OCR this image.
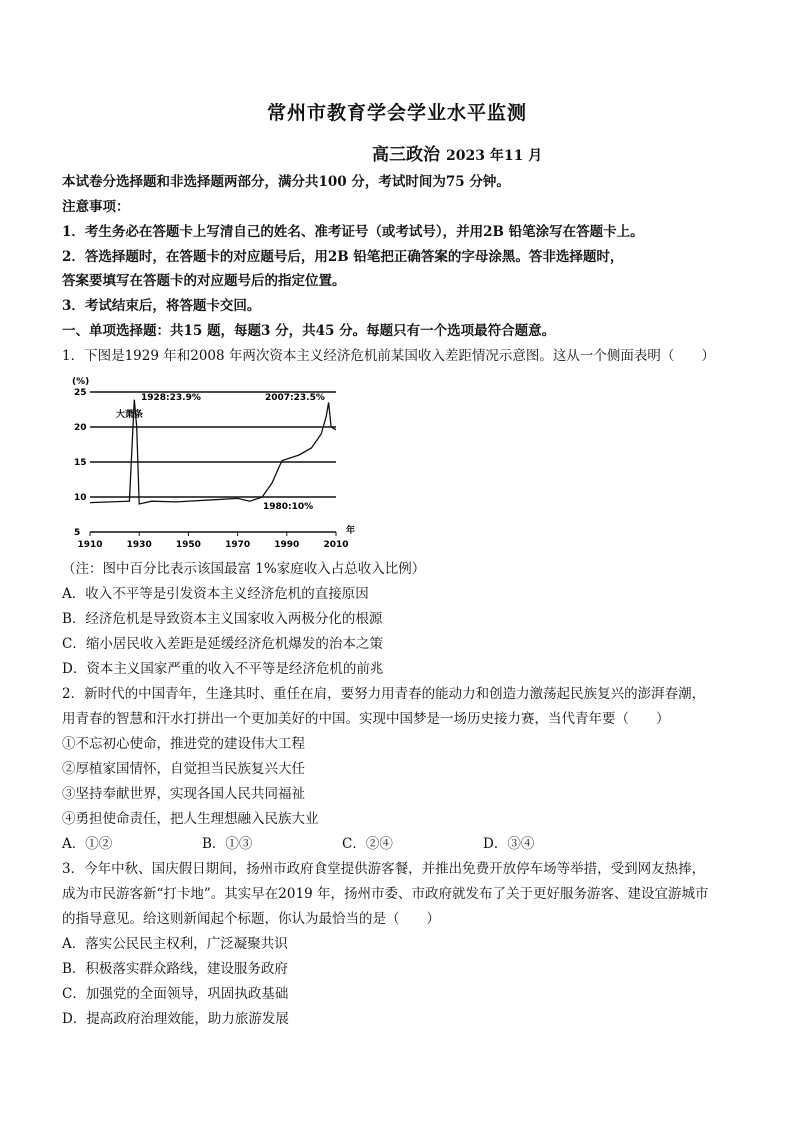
常州市教育学会学业水平监测
高三政治 2023 年11 月
本试卷分选择题和非选择题两部分，满分共100 分，考试时间为75 分钟。
注意事项：
1．考生务必在答题卡上写清自己的姓名、准考证号（或考试号），并用2B 铅笔涂写在答题卡上。
2．答选择题时，在答题卡的对应题号后，用2B 铅笔把正确答案的字母涂黑。答非选择题时，
答案要填写在答题卡的对应题号后的指定位置。
3．考试结束后，将答题卡交回。
一、单项选择题：共15 题，每题3 分，共45 分。每题只有一个选项最符合题意。
1．下图是1929 年和2008 年两次资本主义经济危机前某国收入差距情况示意图。这从一个侧面表明（　　）
25
20
15
10
5
1910	1930	1950	1970	1990	2010
(%)
年
1928:23.9%
大萧条
2007:23.5%
1980:10%
（注：图中百分比表示该国最富 1%家庭收入占总收入比例）
A．收入不平等是引发资本主义经济危机的直接原因
B．经济危机是导致资本主义国家收入两极分化的根源
C．缩小居民收入差距是延缓经济危机爆发的治本之策
D．资本主义国家严重的收入不平等是经济危机的前兆
2．新时代的中国青年，生逢其时、重任在肩，要努力用青春的能动力和创造力激荡起民族复兴的澎湃春潮，
用青春的智慧和汗水打拼出一个更加美好的中国。实现中国梦是一场历史接力赛，当代青年要（　　）
①不忘初心使命，推进党的建设伟大工程
②厚植家国情怀，自觉担当民族复兴大任
③坚持奉献世界，实现各国人民共同福祉
④勇担使命责任，把人生理想融入民族大业
A．①②	B．①③	C．②④	D．③④
3．今年中秋、国庆假日期间，扬州市政府食堂提供游客餐，并推出免费开放停车场等举措，受到网友热捧，
成为市民游客新“打卡地”。其实早在2019 年，扬州市委、市政府就发布了关于更好服务游客、建设宜游城市
的指导意见。给这则新闻起个标题，你认为最恰当的是（　　）
A．落实公民民主权利，广泛凝聚共识
B．积极落实群众路线，建设服务政府
C．加强党的全面领导，巩固执政基础
D．提高政府治理效能，助力旅游发展
